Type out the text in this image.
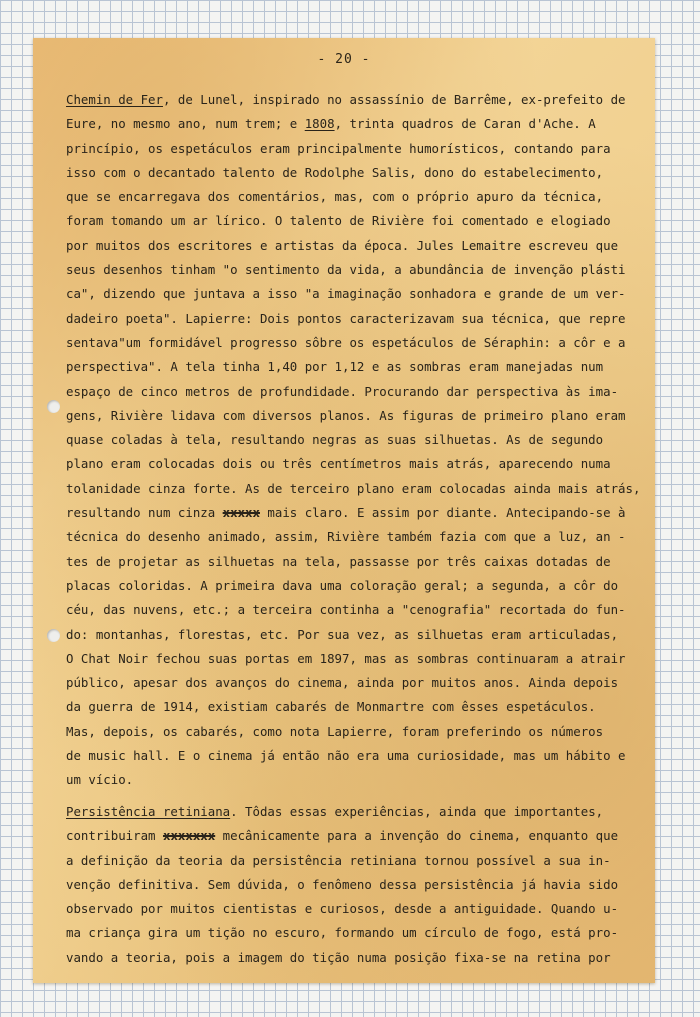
- 20 -
Chemin de Fer, de Lunel, inspirado no assassínio de Barrême, ex-prefeito de
Eure, no mesmo ano, num trem; e 1808, trinta quadros de Caran d'Ache. A
princípio, os espetáculos eram principalmente humorísticos, contando para
isso com o decantado talento de Rodolphe Salis, dono do estabelecimento,
que se encarregava dos comentários, mas, com o próprio apuro da técnica,
foram tomando um ar lírico. O talento de Rivière foi comentado e elogiado
por muitos dos escritores e artistas da época. Jules Lemaitre escreveu que
seus desenhos tinham "o sentimento da vida, a abundância de invenção plásti
ca", dizendo que juntava a isso "a imaginação sonhadora e grande de um ver-
dadeiro poeta". Lapierre: Dois pontos caracterizavam sua técnica, que repre
sentava"um formidável progresso sôbre os espetáculos de Séraphin: a côr e a
perspectiva". A tela tinha 1,40 por 1,12 e as sombras eram manejadas num
espaço de cinco metros de profundidade. Procurando dar perspectiva às ima-
gens, Rivière lidava com diversos planos. As figuras de primeiro plano eram
quase coladas à tela, resultando negras as suas silhuetas. As de segundo
plano eram colocadas dois ou três centímetros mais atrás, aparecendo numa
tolanidade cinza forte. As de terceiro plano eram colocadas ainda mais atrás,
resultando num cinza xxxxx mais claro. E assim por diante. Antecipando-se à
técnica do desenho animado, assim, Rivière também fazia com que a luz, an -
tes de projetar as silhuetas na tela, passasse por três caixas dotadas de
placas coloridas. A primeira dava uma coloração geral; a segunda, a côr do
céu, das nuvens, etc.; a terceira continha a "cenografia" recortada do fun-
do: montanhas, florestas, etc. Por sua vez, as silhuetas eram articuladas,
O Chat Noir fechou suas portas em 1897, mas as sombras continuaram a atrair
público, apesar dos avanços do cinema, ainda por muitos anos. Ainda depois
da guerra de 1914, existiam cabarés de Monmartre com êsses espetáculos.
Mas, depois, os cabarés, como nota Lapierre, foram preferindo os números
de music hall. E o cinema já então não era uma curiosidade, mas um hábito e
um vício.
Persistência retiniana. Tôdas essas experiências, ainda que importantes,
contribuiram xxxxxxx mecânicamente para a invenção do cinema, enquanto que
a definição da teoria da persistência retiniana tornou possível a sua in-
venção definitiva. Sem dúvida, o fenômeno dessa persistência já havia sido
observado por muitos cientistas e curiosos, desde a antiguidade. Quando u-
ma criança gira um tição no escuro, formando um círculo de fogo, está pro-
vando a teoria, pois a imagem do tição numa posição fixa-se na retina por
